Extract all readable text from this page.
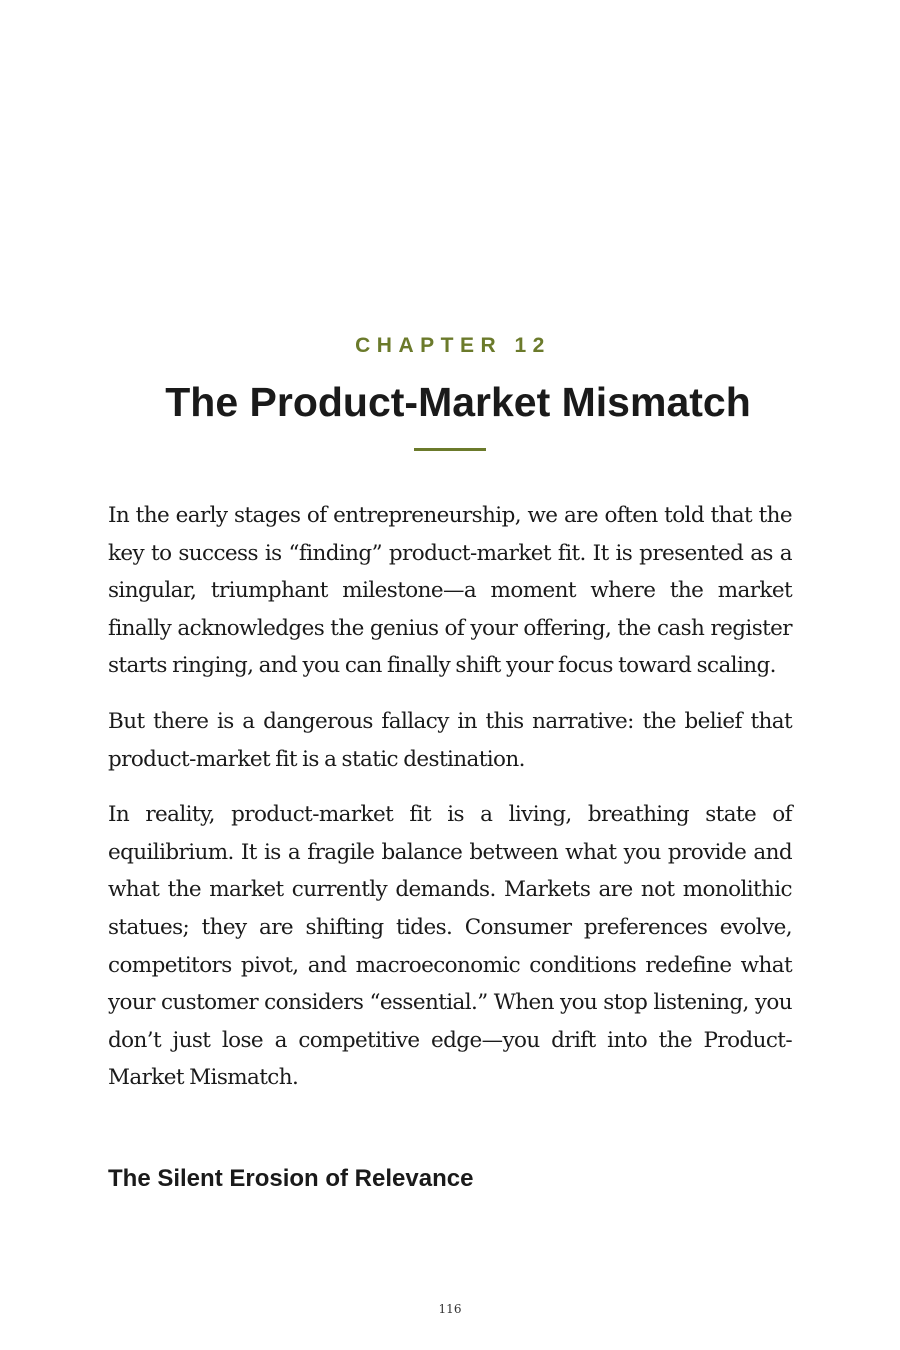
CHAPTER 12
The Product-Market Mismatch

In the early stages of entrepreneurship, we are often told that the key to success is “finding” product-market fit. It is presented as a singular, triumphant milestone—a moment where the market finally acknowledges the genius of your offering, the cash register starts ringing, and you can finally shift your focus toward scaling.

But there is a dangerous fallacy in this narrative: the belief that product-market fit is a static destination.

In reality, product-market fit is a living, breathing state of equilibrium. It is a fragile balance between what you provide and what the market currently demands. Markets are not monolithic statues; they are shifting tides. Consumer preferences evolve, competitors pivot, and macroeconomic conditions redefine what your customer considers “essential.” When you stop listening, you don’t just lose a competitive edge—you drift into the Product-Market Mismatch.

The Silent Erosion of Relevance
116
